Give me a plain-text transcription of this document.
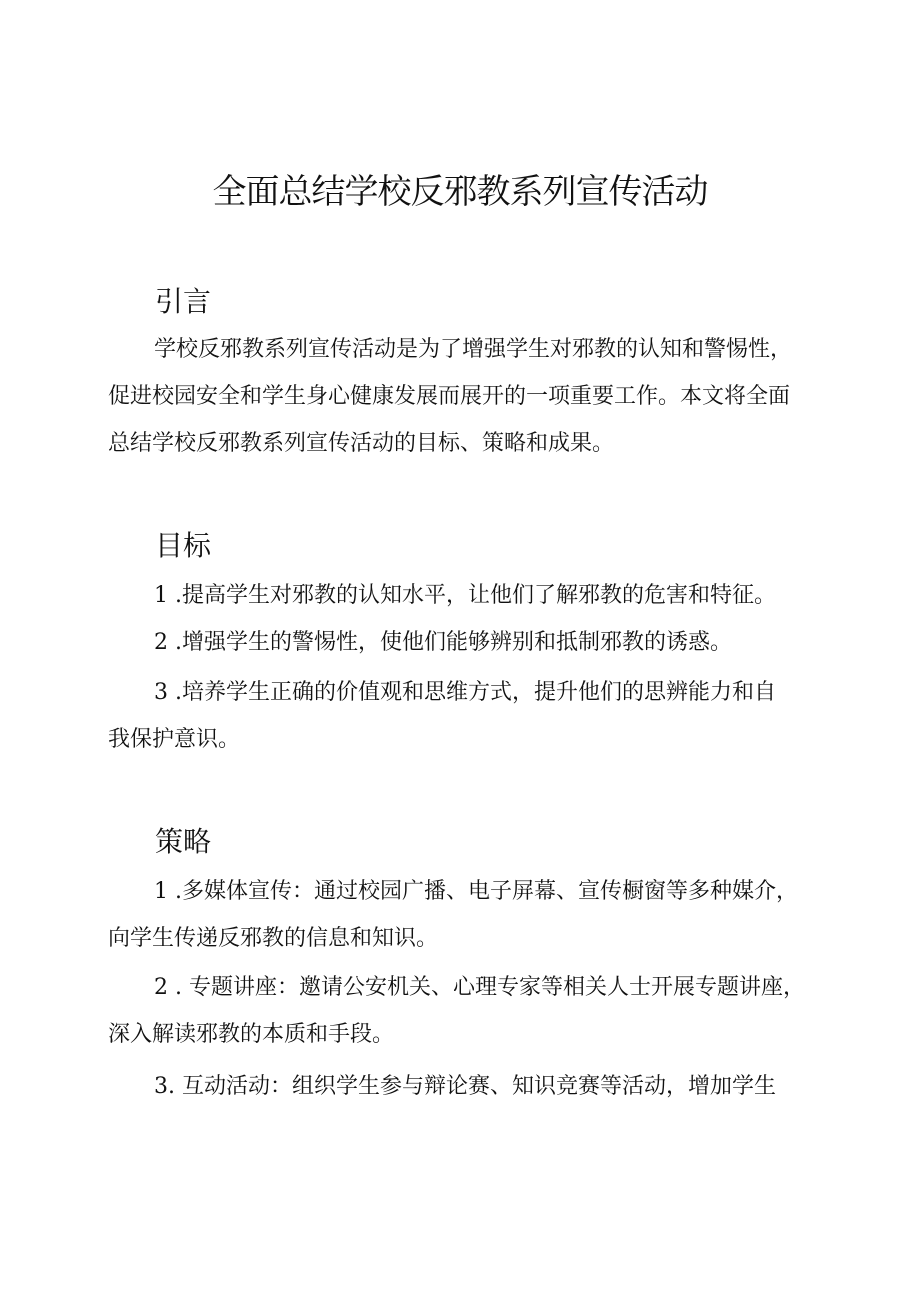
全面总结学校反邪教系列宣传活动
引言

学校反邪教系列宣传活动是为了增强学生对邪教的认知和警惕性，
促进校园安全和学生身心健康发展而展开的一项重要工作。本文将全面
总结学校反邪教系列宣传活动的目标、策略和成果。

目标

1 .提高学生对邪教的认知水平，让他们了解邪教的危害和特征。

2 .增强学生的警惕性，使他们能够辨别和抵制邪教的诱惑。

3 .培养学生正确的价值观和思维方式，提升他们的思辨能力和自
我保护意识。

策略

1 .多媒体宣传：通过校园广播、电子屏幕、宣传橱窗等多种媒介，
向学生传递反邪教的信息和知识。

2 . 专题讲座：邀请公安机关、心理专家等相关人士开展专题讲座，
深入解读邪教的本质和手段。

3. 互动活动：组织学生参与辩论赛、知识竞赛等活动，增加学生
